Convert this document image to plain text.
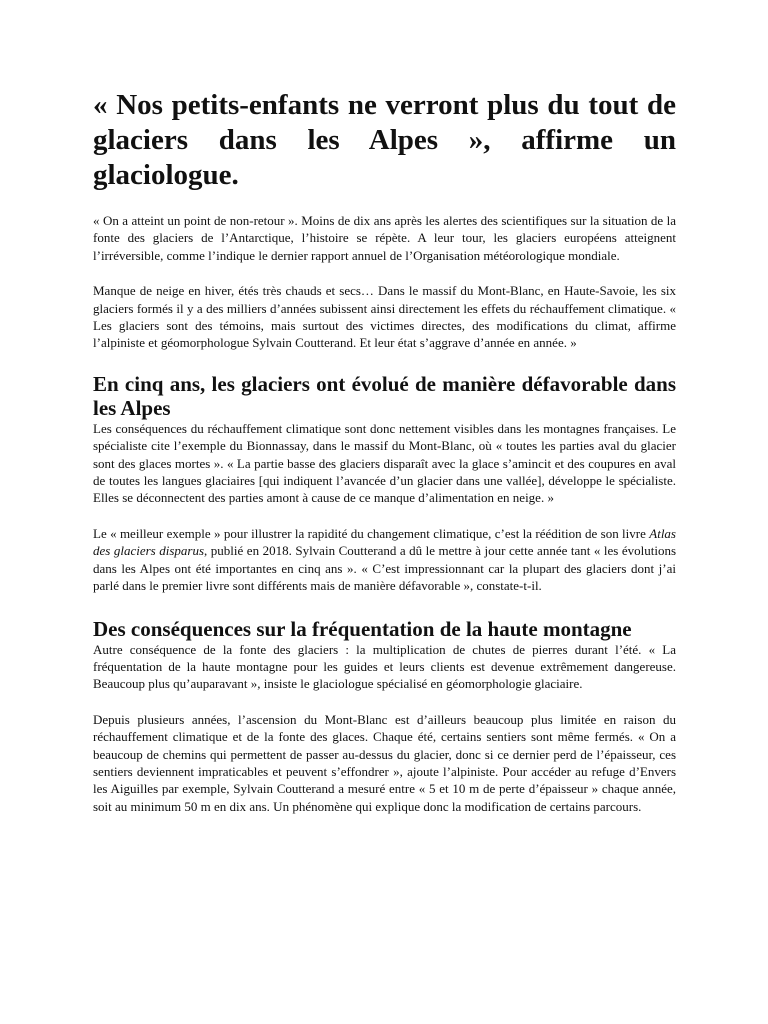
« Nos petits-enfants ne verront plus du tout de glaciers dans les Alpes », affirme un glaciologue.

« On a atteint un point de non-retour ». Moins de dix ans après les alertes des scientifiques sur la situation de la fonte des glaciers de l’Antarctique, l’histoire se répète. A leur tour, les glaciers européens atteignent l’irréversible, comme l’indique le dernier rapport annuel de l’Organisation météorologique mondiale.

Manque de neige en hiver, étés très chauds et secs… Dans le massif du Mont-Blanc, en Haute-Savoie, les six glaciers formés il y a des milliers d’années subissent ainsi directement les effets du réchauffement climatique. « Les glaciers sont des témoins, mais surtout des victimes directes, des modifications du climat, affirme l’alpiniste et géomorphologue Sylvain Coutterand. Et leur état s’aggrave d’année en année. »

En cinq ans, les glaciers ont évolué de manière défavorable dans les Alpes

Les conséquences du réchauffement climatique sont donc nettement visibles dans les montagnes françaises. Le spécialiste cite l’exemple du Bionnassay, dans le massif du Mont-Blanc, où « toutes les parties aval du glacier sont des glaces mortes ». « La partie basse des glaciers disparaît avec la glace s’amincit et des coupures en aval de toutes les langues glaciaires [qui indiquent l’avancée d’un glacier dans une vallée], développe le spécialiste. Elles se déconnectent des parties amont à cause de ce manque d’alimentation en neige. »

Le « meilleur exemple » pour illustrer la rapidité du changement climatique, c’est la réédition de son livre Atlas des glaciers disparus, publié en 2018. Sylvain Coutterand a dû le mettre à jour cette année tant « les évolutions dans les Alpes ont été importantes en cinq ans ». « C’est impressionnant car la plupart des glaciers dont j’ai parlé dans le premier livre sont différents mais de manière défavorable », constate-t-il.

Des conséquences sur la fréquentation de la haute montagne

Autre conséquence de la fonte des glaciers : la multiplication de chutes de pierres durant l’été. « La fréquentation de la haute montagne pour les guides et leurs clients est devenue extrêmement dangereuse. Beaucoup plus qu’auparavant », insiste le glaciologue spécialisé en géomorphologie glaciaire.

Depuis plusieurs années, l’ascension du Mont-Blanc est d’ailleurs beaucoup plus limitée en raison du réchauffement climatique et de la fonte des glaces. Chaque été, certains sentiers sont même fermés. « On a beaucoup de chemins qui permettent de passer au-dessus du glacier, donc si ce dernier perd de l’épaisseur, ces sentiers deviennent impraticables et peuvent s’effondrer », ajoute l’alpiniste. Pour accéder au refuge d’Envers les Aiguilles par exemple, Sylvain Coutterand a mesuré entre « 5 et 10 m de perte d’épaisseur » chaque année, soit au minimum 50 m en dix ans. Un phénomène qui explique donc la modification de certains parcours.
